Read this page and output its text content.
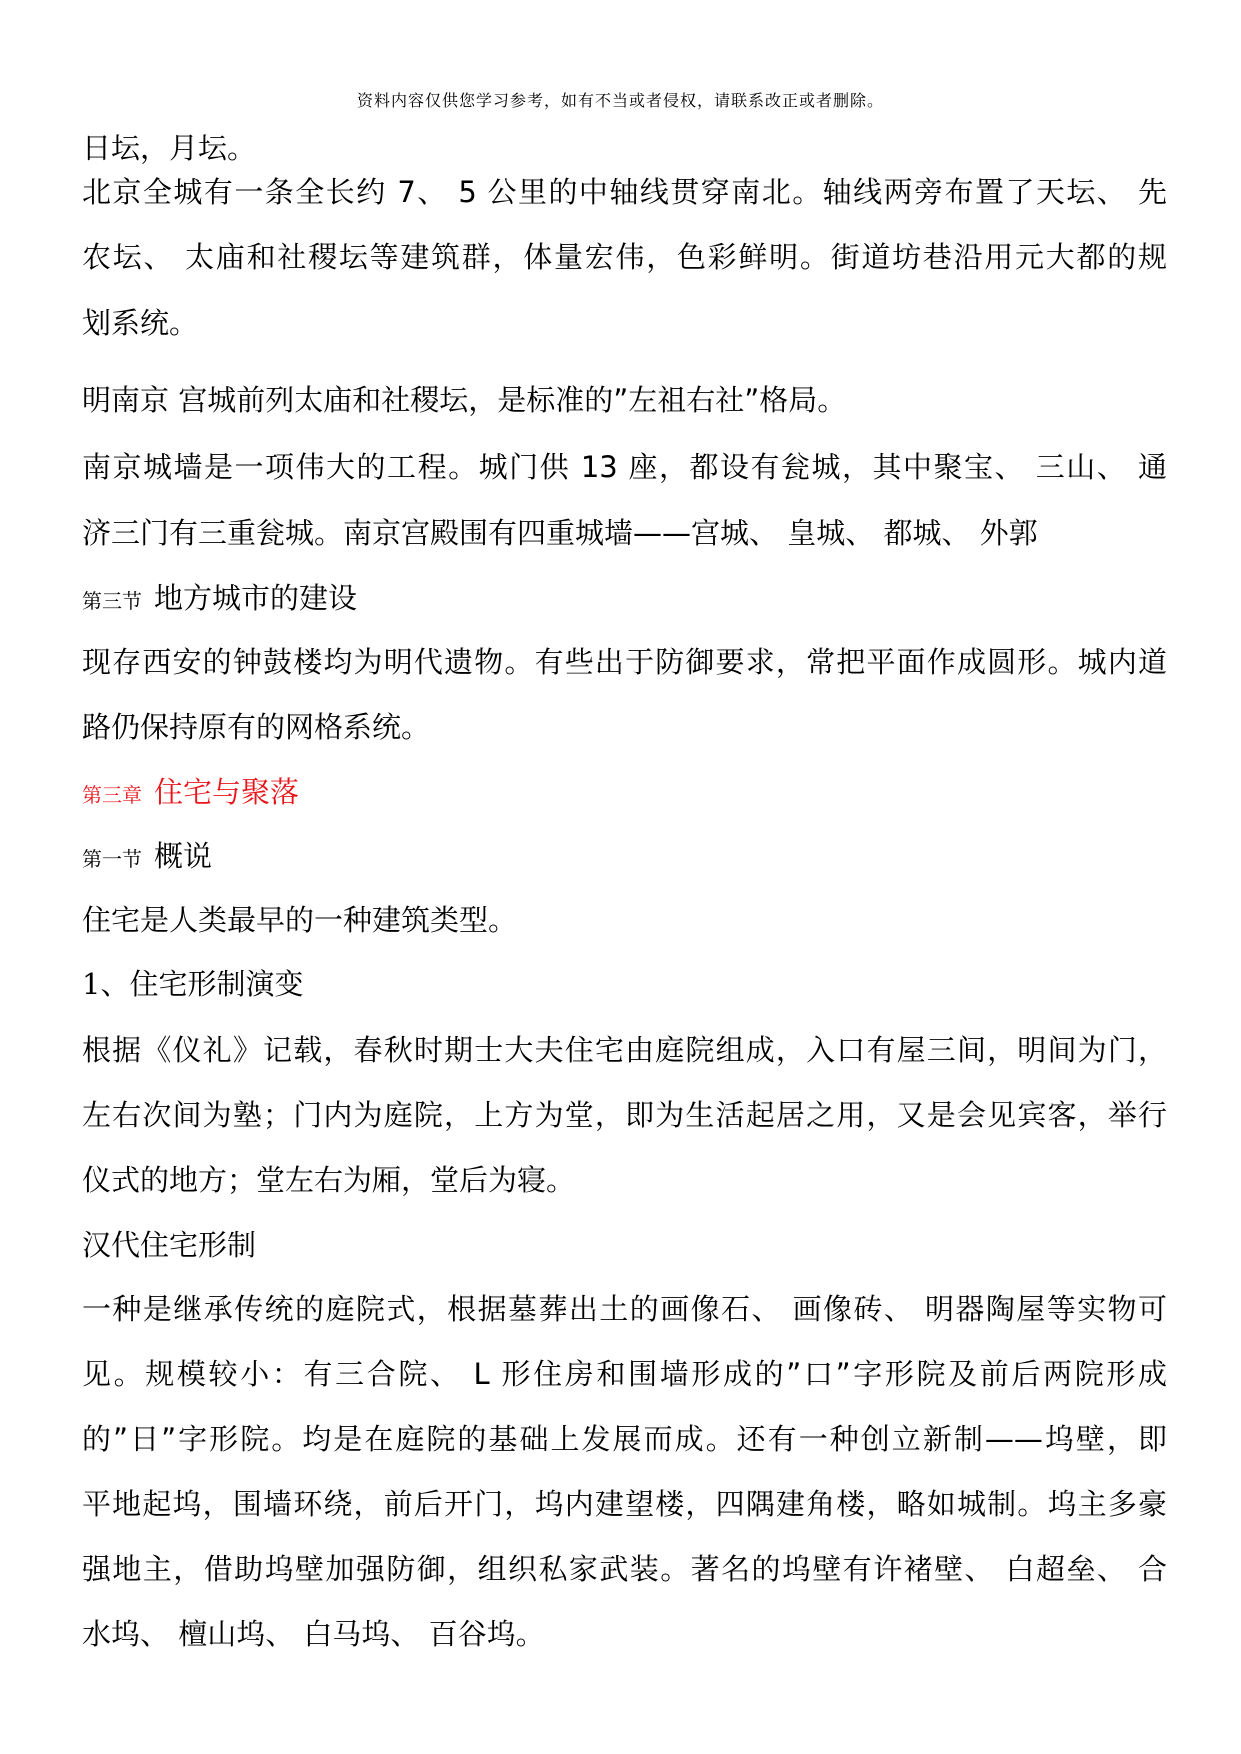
资料内容仅供您学习参考，如有不当或者侵权，请联系改正或者删除。
日坛，月坛。
北京全城有一条全长约 7、 5 公里的中轴线贯穿南北。轴线两旁布置了天坛、 先
农坛、 太庙和社稷坛等建筑群，体量宏伟，色彩鲜明。街道坊巷沿用元大都的规
划系统。
明南京 宫城前列太庙和社稷坛，是标准的”左祖右社”格局。
南京城墙是一项伟大的工程。城门供 13 座，都设有瓮城，其中聚宝、 三山、 通
济三门有三重瓮城。南京宫殿围有四重城墙——宫城、 皇城、 都城、 外郭
第三节 地方城市的建设
现存西安的钟鼓楼均为明代遗物。有些出于防御要求，常把平面作成圆形。城内道
路仍保持原有的网格系统。
第三章 住宅与聚落
第一节 概说
住宅是人类最早的一种建筑类型。
1、住宅形制演变
根据《仪礼》记载，春秋时期士大夫住宅由庭院组成，入口有屋三间，明间为门，
左右次间为塾；门内为庭院，上方为堂，即为生活起居之用，又是会见宾客，举行
仪式的地方；堂左右为厢，堂后为寝。
汉代住宅形制
一种是继承传统的庭院式，根据墓葬出土的画像石、 画像砖、 明器陶屋等实物可
见。规模较小：有三合院、 L 形住房和围墙形成的”口”字形院及前后两院形成
的”日”字形院。均是在庭院的基础上发展而成。还有一种创立新制——坞壁，即
平地起坞，围墙环绕，前后开门，坞内建望楼，四隅建角楼，略如城制。坞主多豪
强地主，借助坞壁加强防御，组织私家武装。著名的坞壁有许褚壁、 白超垒、 合
水坞、 檀山坞、 白马坞、 百谷坞。
